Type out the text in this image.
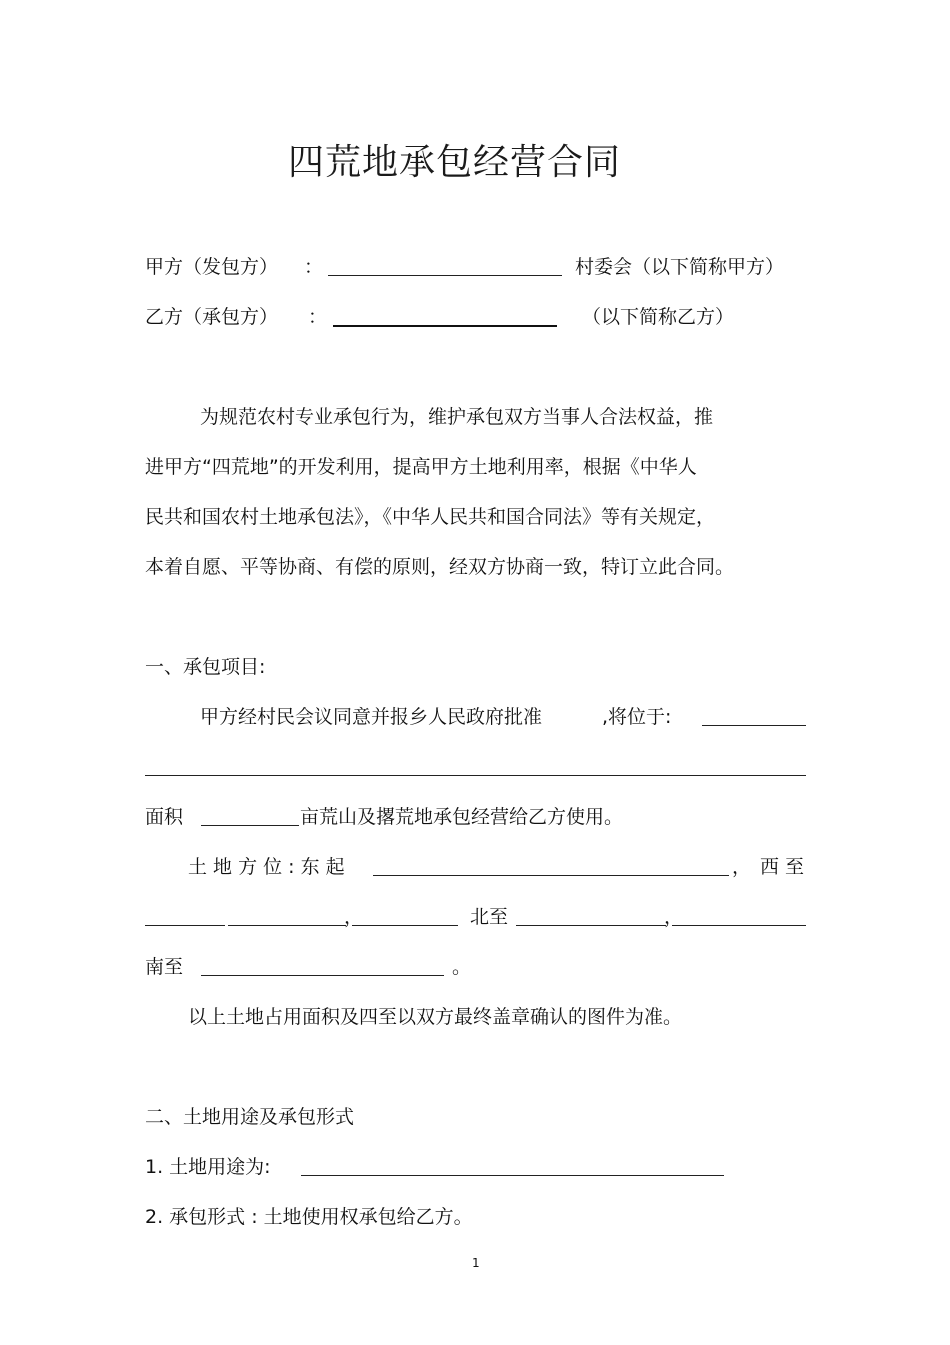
四荒地承包经营合同
甲方（发包方） ：	村委会（以下简称甲方）
乙方（承包方） ：	（以下简称乙方）
为规范农村专业承包行为，维护承包双方当事人合法权益，推
进甲方“四荒地”的开发利用，提高甲方土地利用率，根据《中华人
民共和国农村土地承包法》，《中华人民共和国合同法》等有关规定，
本着自愿、平等协商、有偿的原则，经双方协商一致，特订立此合同。
一、承包项目:
甲方经村民会议同意并报乡人民政府批准	,将位于:
面积	亩荒山及撂荒地承包经营给乙方使用。
土 地 方 位 : 东 起	， 西 至
，	北至	，
南至	。
以上土地占用面积及四至以双方最终盖章确认的图件为准。
二、土地用途及承包形式
1. 土地用途为:
2. 承包形式 : 土地使用权承包给乙方。
1
